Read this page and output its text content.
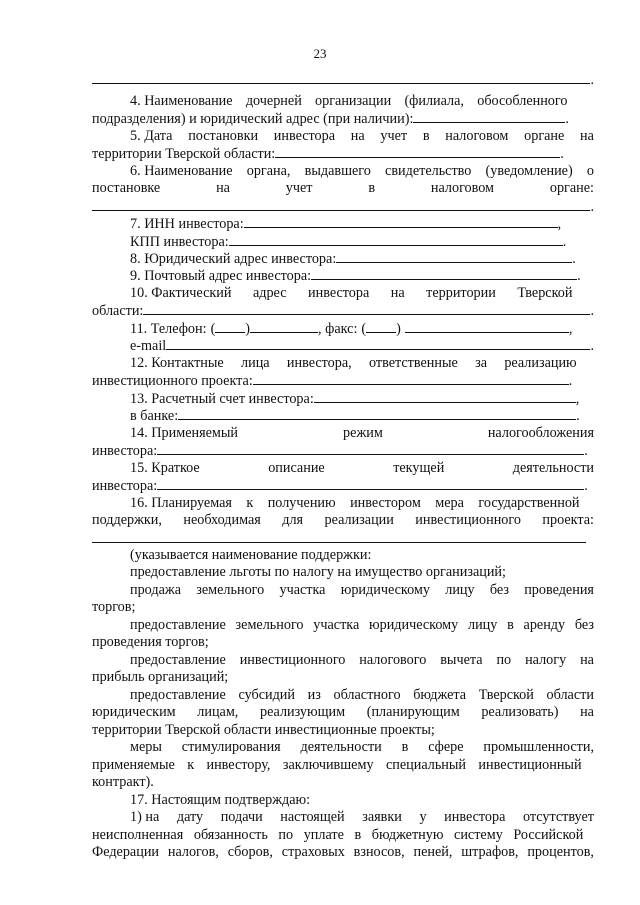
23
.
4. Наименование дочерней организации (филиала, обособленного
подразделения) и юридический адрес (при наличии):	.
5. Дата постановки инвестора на учет в налоговом органе на
территории Тверской области:	.
6. Наименование органа, выдавшего свидетельство (уведомление) о
постановке	на	учет	в	налоговом	органе:
.
7. ИНН инвестора:	,
КПП инвестора:	.
8. Юридический адрес инвестора:	.
9. Почтовый адрес инвестора:	.
10. Фактический адрес инвестора на территории Тверской
области:	.
11. Телефон: ( )	, факс: ( )	,
e-mail	.
12. Контактные лица инвестора, ответственные за реализацию
инвестиционного проекта:	.
13. Расчетный счет инвестора:	,
в банке:	.
14. Применяемый	режим	налогообложения
инвестора:	.
15. Краткое	описание	текущей	деятельности
инвестора:	.
16. Планируемая к получению инвестором мера государственной
поддержки, необходимая для реализации инвестиционного проекта:
(указывается наименование поддержки:
предоставление льготы по налогу на имущество организаций;
продажа земельного участка юридическому лицу без проведения
торгов;
предоставление земельного участка юридическому лицу в аренду без
проведения торгов;
предоставление инвестиционного налогового вычета по налогу на
прибыль организаций;
предоставление субсидий из областного бюджета Тверской области
юридическим лицам, реализующим (планирующим реализовать) на
территории Тверской области инвестиционные проекты;
меры стимулирования деятельности в сфере промышленности,
применяемые к инвестору, заключившему специальный инвестиционный
контракт).
17. Настоящим подтверждаю:
1) на дату подачи настоящей заявки у инвестора отсутствует
неисполненная обязанность по уплате в бюджетную систему Российской
Федерации налогов, сборов, страховых взносов, пеней, штрафов, процентов,
